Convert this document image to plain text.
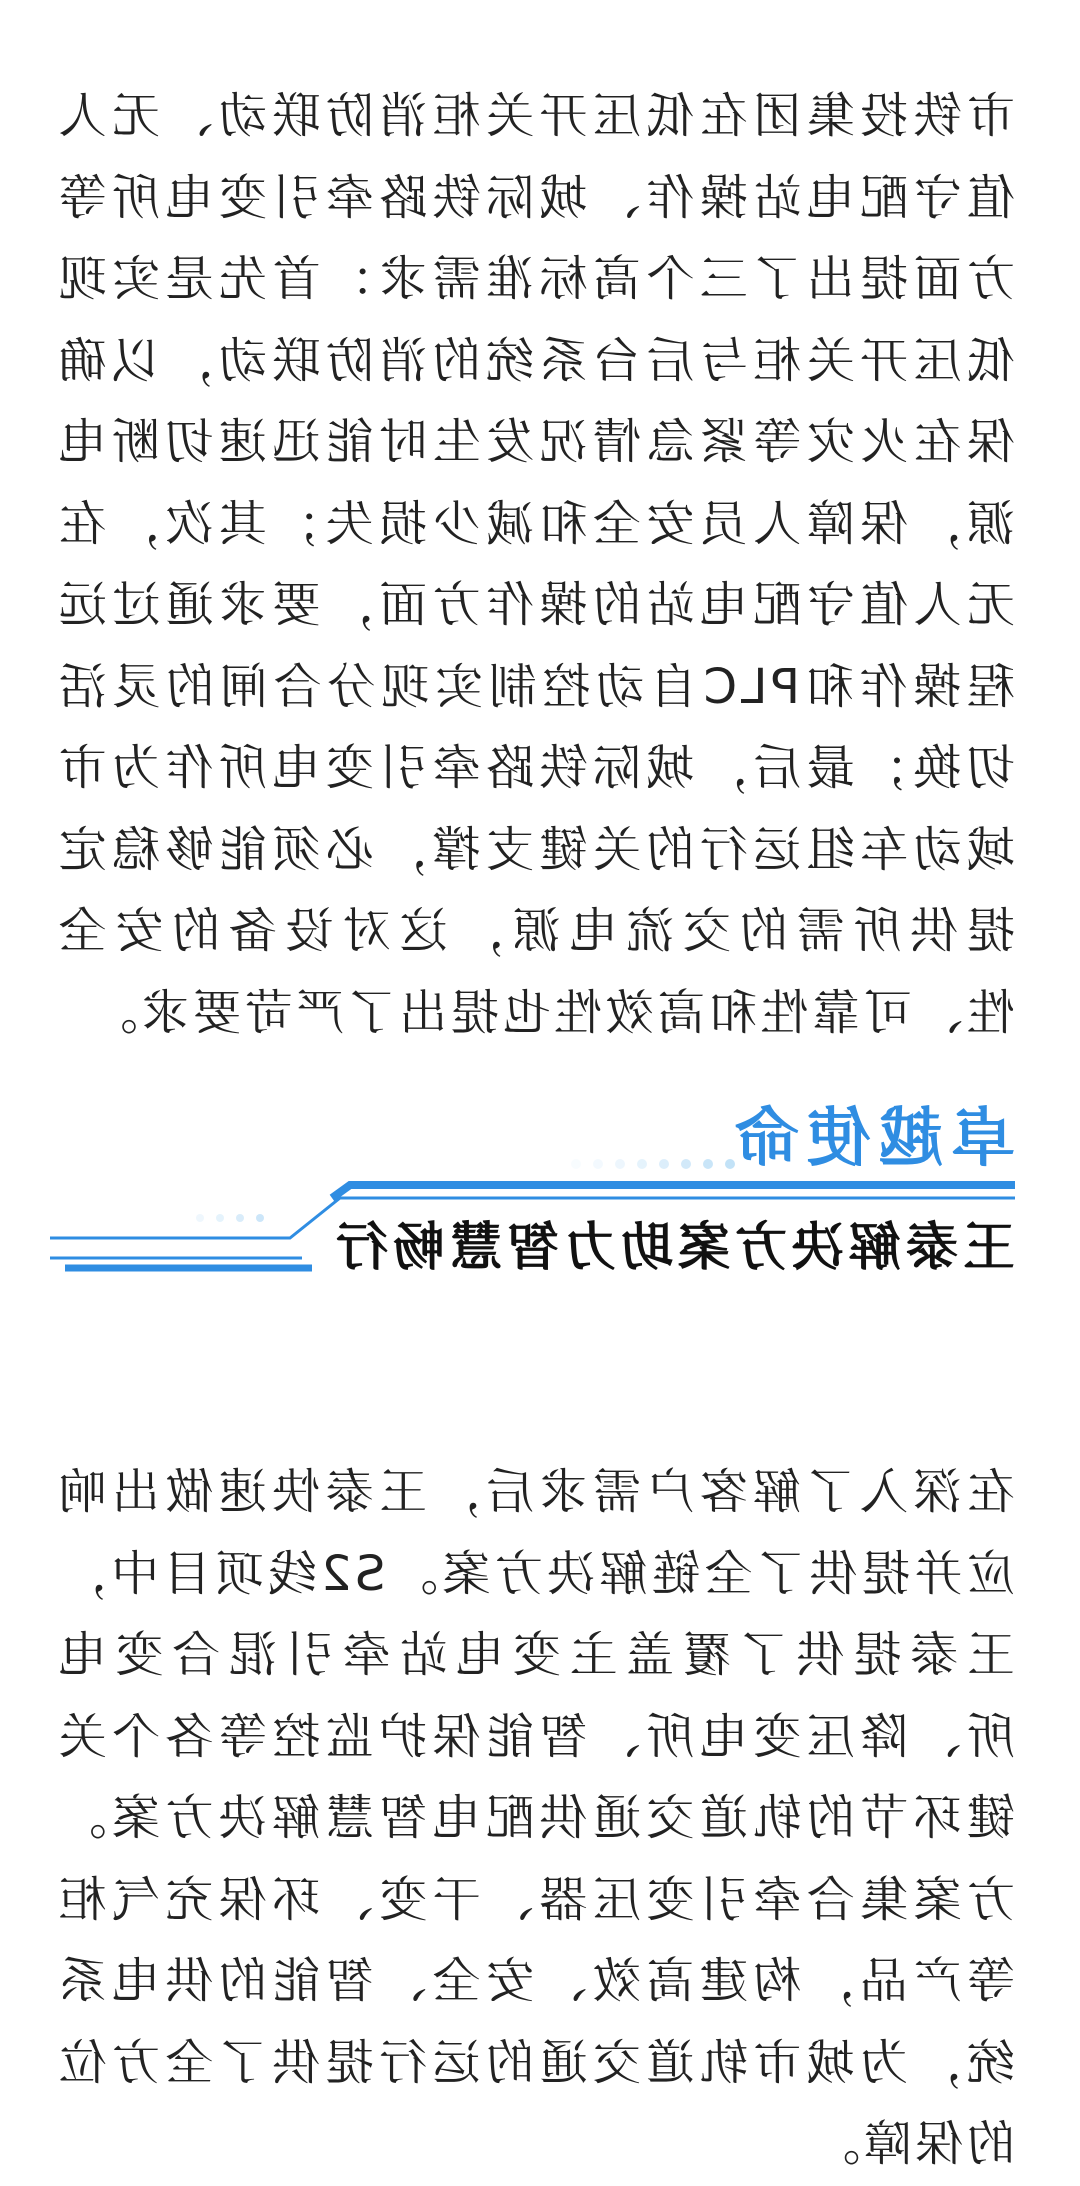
市铁投集团在低压开关柜消防联动、无人值守配电站操作、城际铁路牵引变电所等方面提出了三个高标准需求：首先是实现低压开关柜与后台系统的消防联动，以确保在火灾等紧急情况发生时能迅速切断电源，保障人员安全和减少损失；其次，在无人值守配电站的操作方面，要求通过远程操作和PLC自动控制实现分合闸的灵活切换；最后，城际铁路牵引变电所作为市域动车组运行的关键支撑，必须能够稳定提供所需的交流电源，这对设备的安全性、可靠性和高效性也提出了严苛要求。

卓越使命

王泰解决方案助力智慧畅行

在深入了解客户需求后，王泰快速做出响应并提供了全链解决方案。S2线项目中，王泰提供了覆盖主变电站牵引混合变电所、降压变电所、智能保护监控等各个关键环节的轨道交通供配电智慧解决方案。方案集合牵引变压器、干变、环保充气柜等产品，构建高效、安全、智能的供电系统，为城市轨道交通的运行提供了全方位的保障。
